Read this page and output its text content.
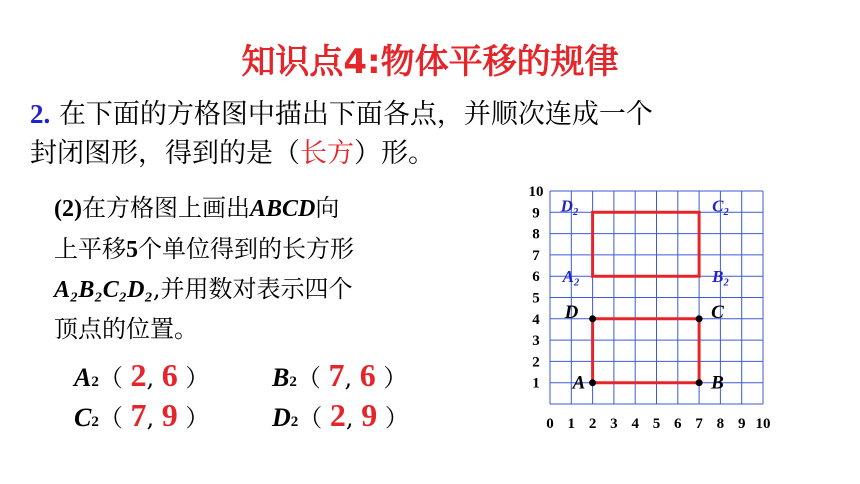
知识点4:物体平移的规律
2. 在下面的方格图中描出下面各点，并顺次连成一个
封闭图形，得到的是（长方）形。
(2)在方格图上画出ABCD向
上平移5个单位得到的长方形
A₂B₂C₂D₂,并用数对表示四个
顶点的位置。
A2（ 2, 6 ） B2（ 7, 6 ）
C2（ 7, 9 ） D2（ 2, 9 ）	0 1 2 3 4 5 6 7 8 9 10
1
2
3
4
5
6
7
8
9
10
A	B
C
D
A₂	B₂
C₂
D₂
